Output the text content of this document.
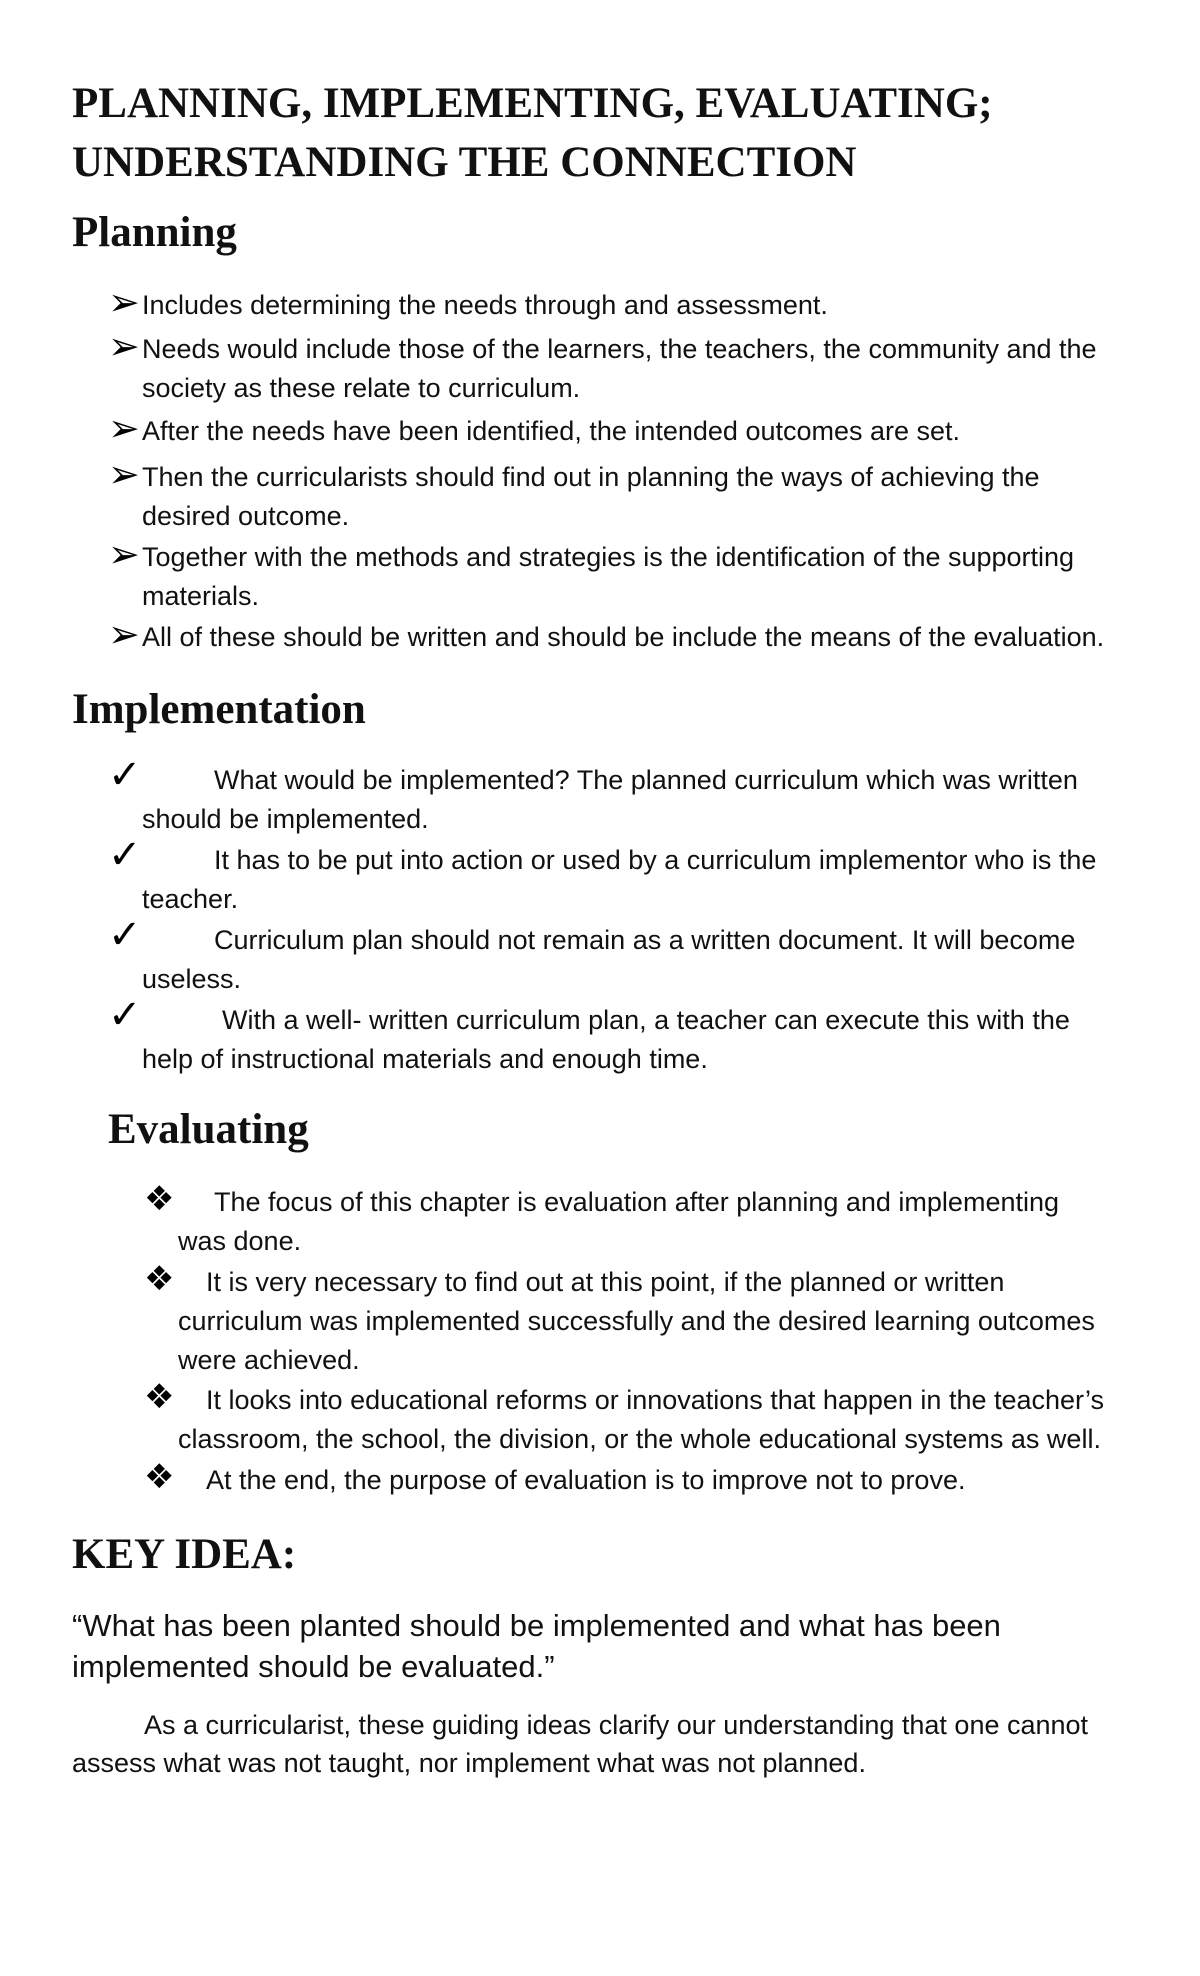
PLANNING, IMPLEMENTING, EVALUATING;
UNDERSTANDING THE CONNECTION
Planning
➢ Includes determining the needs through and assessment.
➢ Needs would include those of the learners, the teachers, the community and the
society as these relate to curriculum.
➢ After the needs have been identified, the intended outcomes are set.
➢ Then the curricularists should find out in planning the ways of achieving the
desired outcome.
➢ Together with the methods and strategies is the identification of the supporting
materials.
➢ All of these should be written and should be include the means of the evaluation.
Implementation
✓	What would be implemented? The planned curriculum which was written
should be implemented.
✓	It has to be put into action or used by a curriculum implementor who is the
teacher.
✓	Curriculum plan should not remain as a written document. It will become
useless.
✓	With a well- written curriculum plan, a teacher can execute this with the
help of instructional materials and enough time.
Evaluating
❖	The focus of this chapter is evaluation after planning and implementing
was done.
❖	It is very necessary to find out at this point, if the planned or written
curriculum was implemented successfully and the desired learning outcomes
were achieved.
❖	It looks into educational reforms or innovations that happen in the teacher’s
classroom, the school, the division, or the whole educational systems as well.
❖	At the end, the purpose of evaluation is to improve not to prove.
KEY IDEA:
“What has been planted should be implemented and what has been
implemented should be evaluated.”
As a curricularist, these guiding ideas clarify our understanding that one cannot
assess what was not taught, nor implement what was not planned.
